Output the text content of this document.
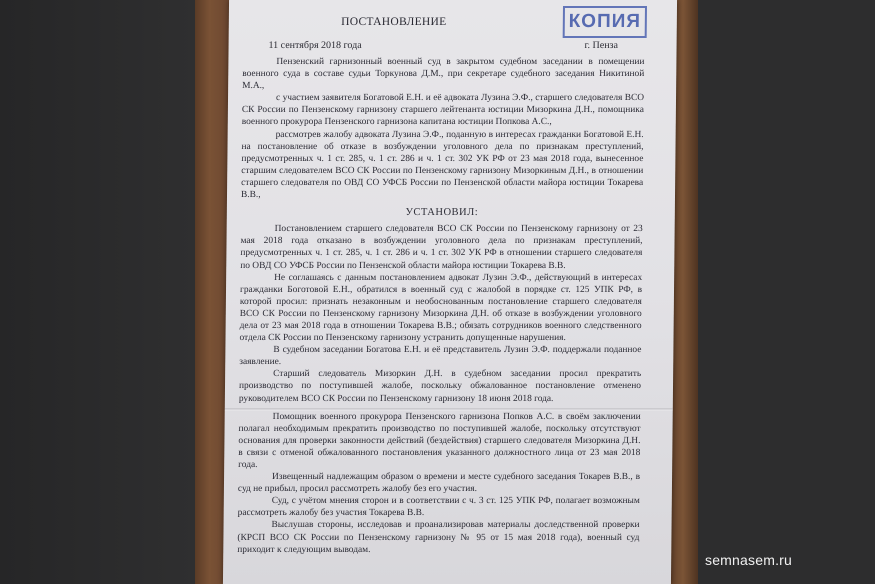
КОПИЯ
ПОСТАНОВЛЕНИЕ
11 сентября 2018 года	г. Пенза

Пензенский гарнизонный военный суд в закрытом судебном заседании в помещении военного суда в составе судьи Торкунова Д.М., при секретаре судебного заседания Никитиной М.А.,

с участием заявителя Богатовой Е.Н. и её адвоката Лузина Э.Ф., старшего следователя ВСО СК России по Пензенскому гарнизону старшего лейтенанта юстиции Мизоркина Д.Н., помощника военного прокурора Пензенского гарнизона капитана юстиции Попкова А.С.,

рассмотрев жалобу адвоката Лузина Э.Ф., поданную в интересах гражданки Богатовой Е.Н. на постановление об отказе в возбуждении уголовного дела по признакам преступлений, предусмотренных ч. 1 ст. 285, ч. 1 ст. 286 и ч. 1 ст. 302 УК РФ от 23 мая 2018 года, вынесенное старшим следователем ВСО СК России по Пензенскому гарнизону Мизоркиным Д.Н., в отношении старшего следователя по ОВД СО УФСБ России по Пензенской области майора юстиции Токарева В.В.,

УСТАНОВИЛ:

Постановлением старшего следователя ВСО СК России по Пензенскому гарнизону от 23 мая 2018 года отказано в возбуждении уголовного дела по признакам преступлений, предусмотренных ч. 1 ст. 285, ч. 1 ст. 286 и ч. 1 ст. 302 УК РФ в отношении старшего следователя по ОВД СО УФСБ России по Пензенской области майора юстиции Токарева В.В.

Не соглашаясь с данным постановлением адвокат Лузин Э.Ф., действующий в интересах гражданки Боготовой Е.Н., обратился в военный суд с жалобой в порядке ст. 125 УПК РФ, в которой просил: признать незаконным и необоснованным постановление старшего следователя ВСО СК России по Пензенскому гарнизону Мизоркина Д.Н. об отказе в возбуждении уголовного дела от 23 мая 2018 года в отношении Токарева В.В.; обязать сотрудников военного следственного отдела СК России по Пензенскому гарнизону устранить допущенные нарушения.

В судебном заседании Богатова Е.Н. и её представитель Лузин Э.Ф. поддержали поданное заявление.

Старший следователь Мизоркин Д.Н. в судебном заседании просил прекратить производство по поступившей жалобе, поскольку обжалованное постановление отменено руководителем ВСО СК России по Пензенскому гарнизону 18 июня 2018 года.

Помощник военного прокурора Пензенского гарнизона Попков А.С. в своём заключении полагал необходимым прекратить производство по поступившей жалобе, поскольку отсутствуют основания для проверки законности действий (бездействия) старшего следователя Мизоркина Д.Н. в связи с отменой обжалованного постановления указанного должностного лица от 23 мая 2018 года.

Извещенный надлежащим образом о времени и месте судебного заседания Токарев В.В., в суд не прибыл, просил рассмотреть жалобу без его участия.

Суд, с учётом мнения сторон и в соответствии с ч. 3 ст. 125 УПК РФ, полагает возможным рассмотреть жалобу без участия Токарева В.В.

Выслушав стороны, исследовав и проанализировав материалы доследственной проверки (КРСП ВСО СК России по Пензенскому гарнизону № 95 от 15 мая 2018 года), военный суд приходит к следующим выводам.

semnasem.ru
